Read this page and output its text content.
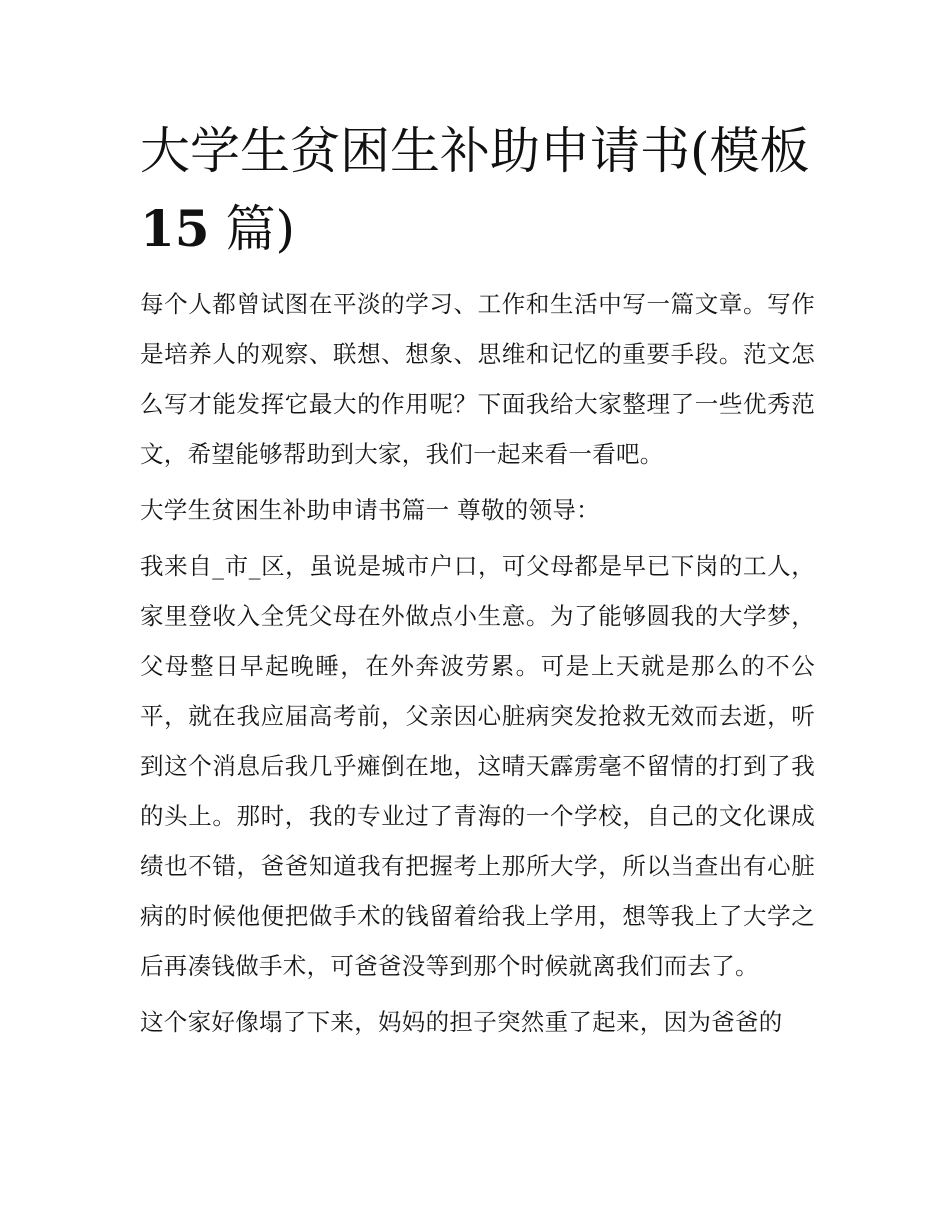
大学生贫困生补助申请书(模板
15 篇)

每个人都曾试图在平淡的学习、工作和生活中写一篇文章。写作是培养人的观察、联想、想象、思维和记忆的重要手段。范文怎么写才能发挥它最大的作用呢？下面我给大家整理了一些优秀范文，希望能够帮助到大家，我们一起来看一看吧。

大学生贫困生补助申请书篇一 尊敬的领导：

我来自_市_区，虽说是城市户口，可父母都是早已下岗的工人，家里登收入全凭父母在外做点小生意。为了能够圆我的大学梦，父母整日早起晚睡，在外奔波劳累。可是上天就是那么的不公平，就在我应届高考前，父亲因心脏病突发抢救无效而去逝，听到这个消息后我几乎瘫倒在地，这晴天霹雳毫不留情的打到了我的头上。那时，我的专业过了青海的一个学校，自己的文化课成绩也不错，爸爸知道我有把握考上那所大学，所以当查出有心脏病的时候他便把做手术的钱留着给我上学用，想等我上了大学之后再凑钱做手术，可爸爸没等到那个时候就离我们而去了。

这个家好像塌了下来，妈妈的担子突然重了起来，因为爸爸的
